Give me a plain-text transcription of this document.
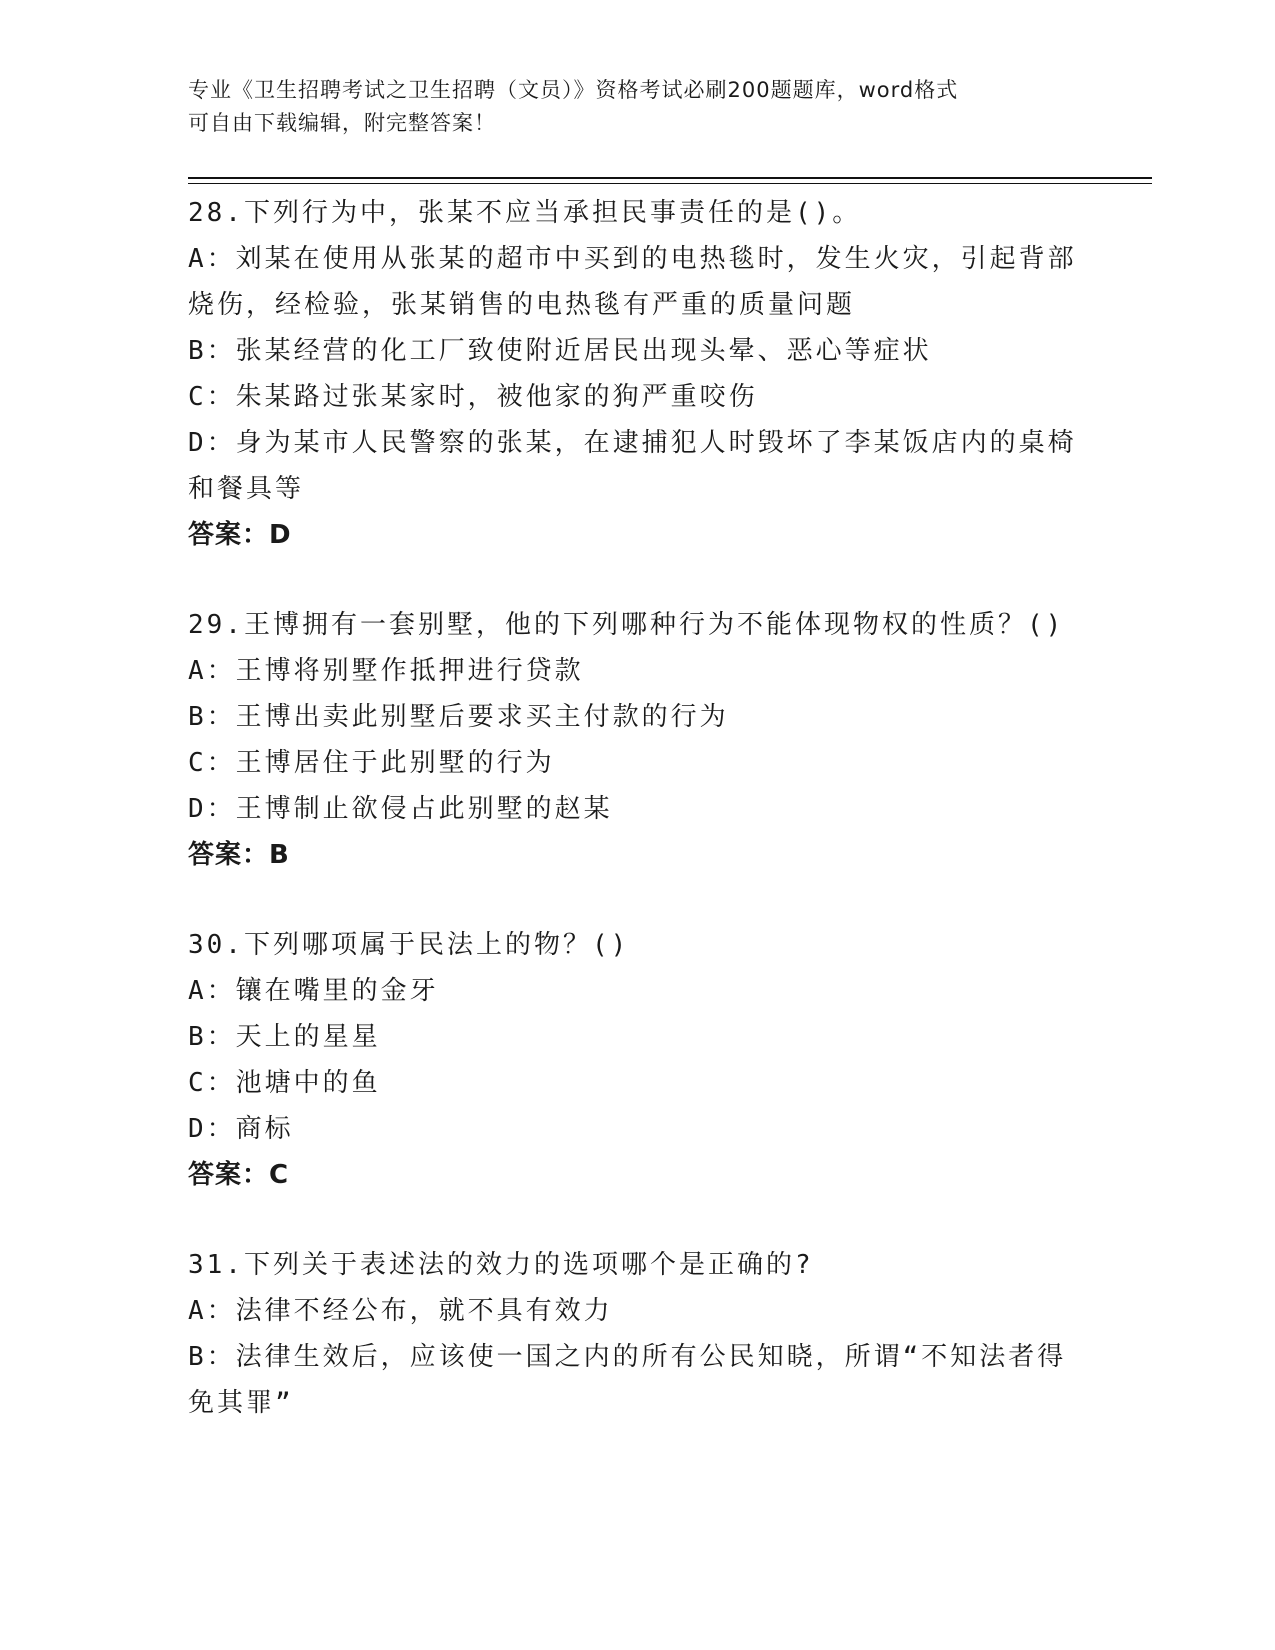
专业《卫生招聘考试之卫生招聘（文员）》资格考试必刷200题题库，word格式
可自由下载编辑，附完整答案！
28.下列行为中，张某不应当承担民事责任的是()。
A：刘某在使用从张某的超市中买到的电热毯时，发生火灾，引起背部
烧伤，经检验，张某销售的电热毯有严重的质量问题
B：张某经营的化工厂致使附近居民出现头晕、恶心等症状
C：朱某路过张某家时，被他家的狗严重咬伤
D：身为某市人民警察的张某，在逮捕犯人时毁坏了李某饭店内的桌椅
和餐具等
答案：D
29.王博拥有一套别墅，他的下列哪种行为不能体现物权的性质？()
A：王博将别墅作抵押进行贷款
B：王博出卖此别墅后要求买主付款的行为
C：王博居住于此别墅的行为
D：王博制止欲侵占此别墅的赵某
答案：B
30.下列哪项属于民法上的物？()
A：镶在嘴里的金牙
B：天上的星星
C：池塘中的鱼
D：商标
答案：C
31.下列关于表述法的效力的选项哪个是正确的?
A：法律不经公布，就不具有效力
B：法律生效后，应该使一国之内的所有公民知晓，所谓“不知法者得
免其罪”
